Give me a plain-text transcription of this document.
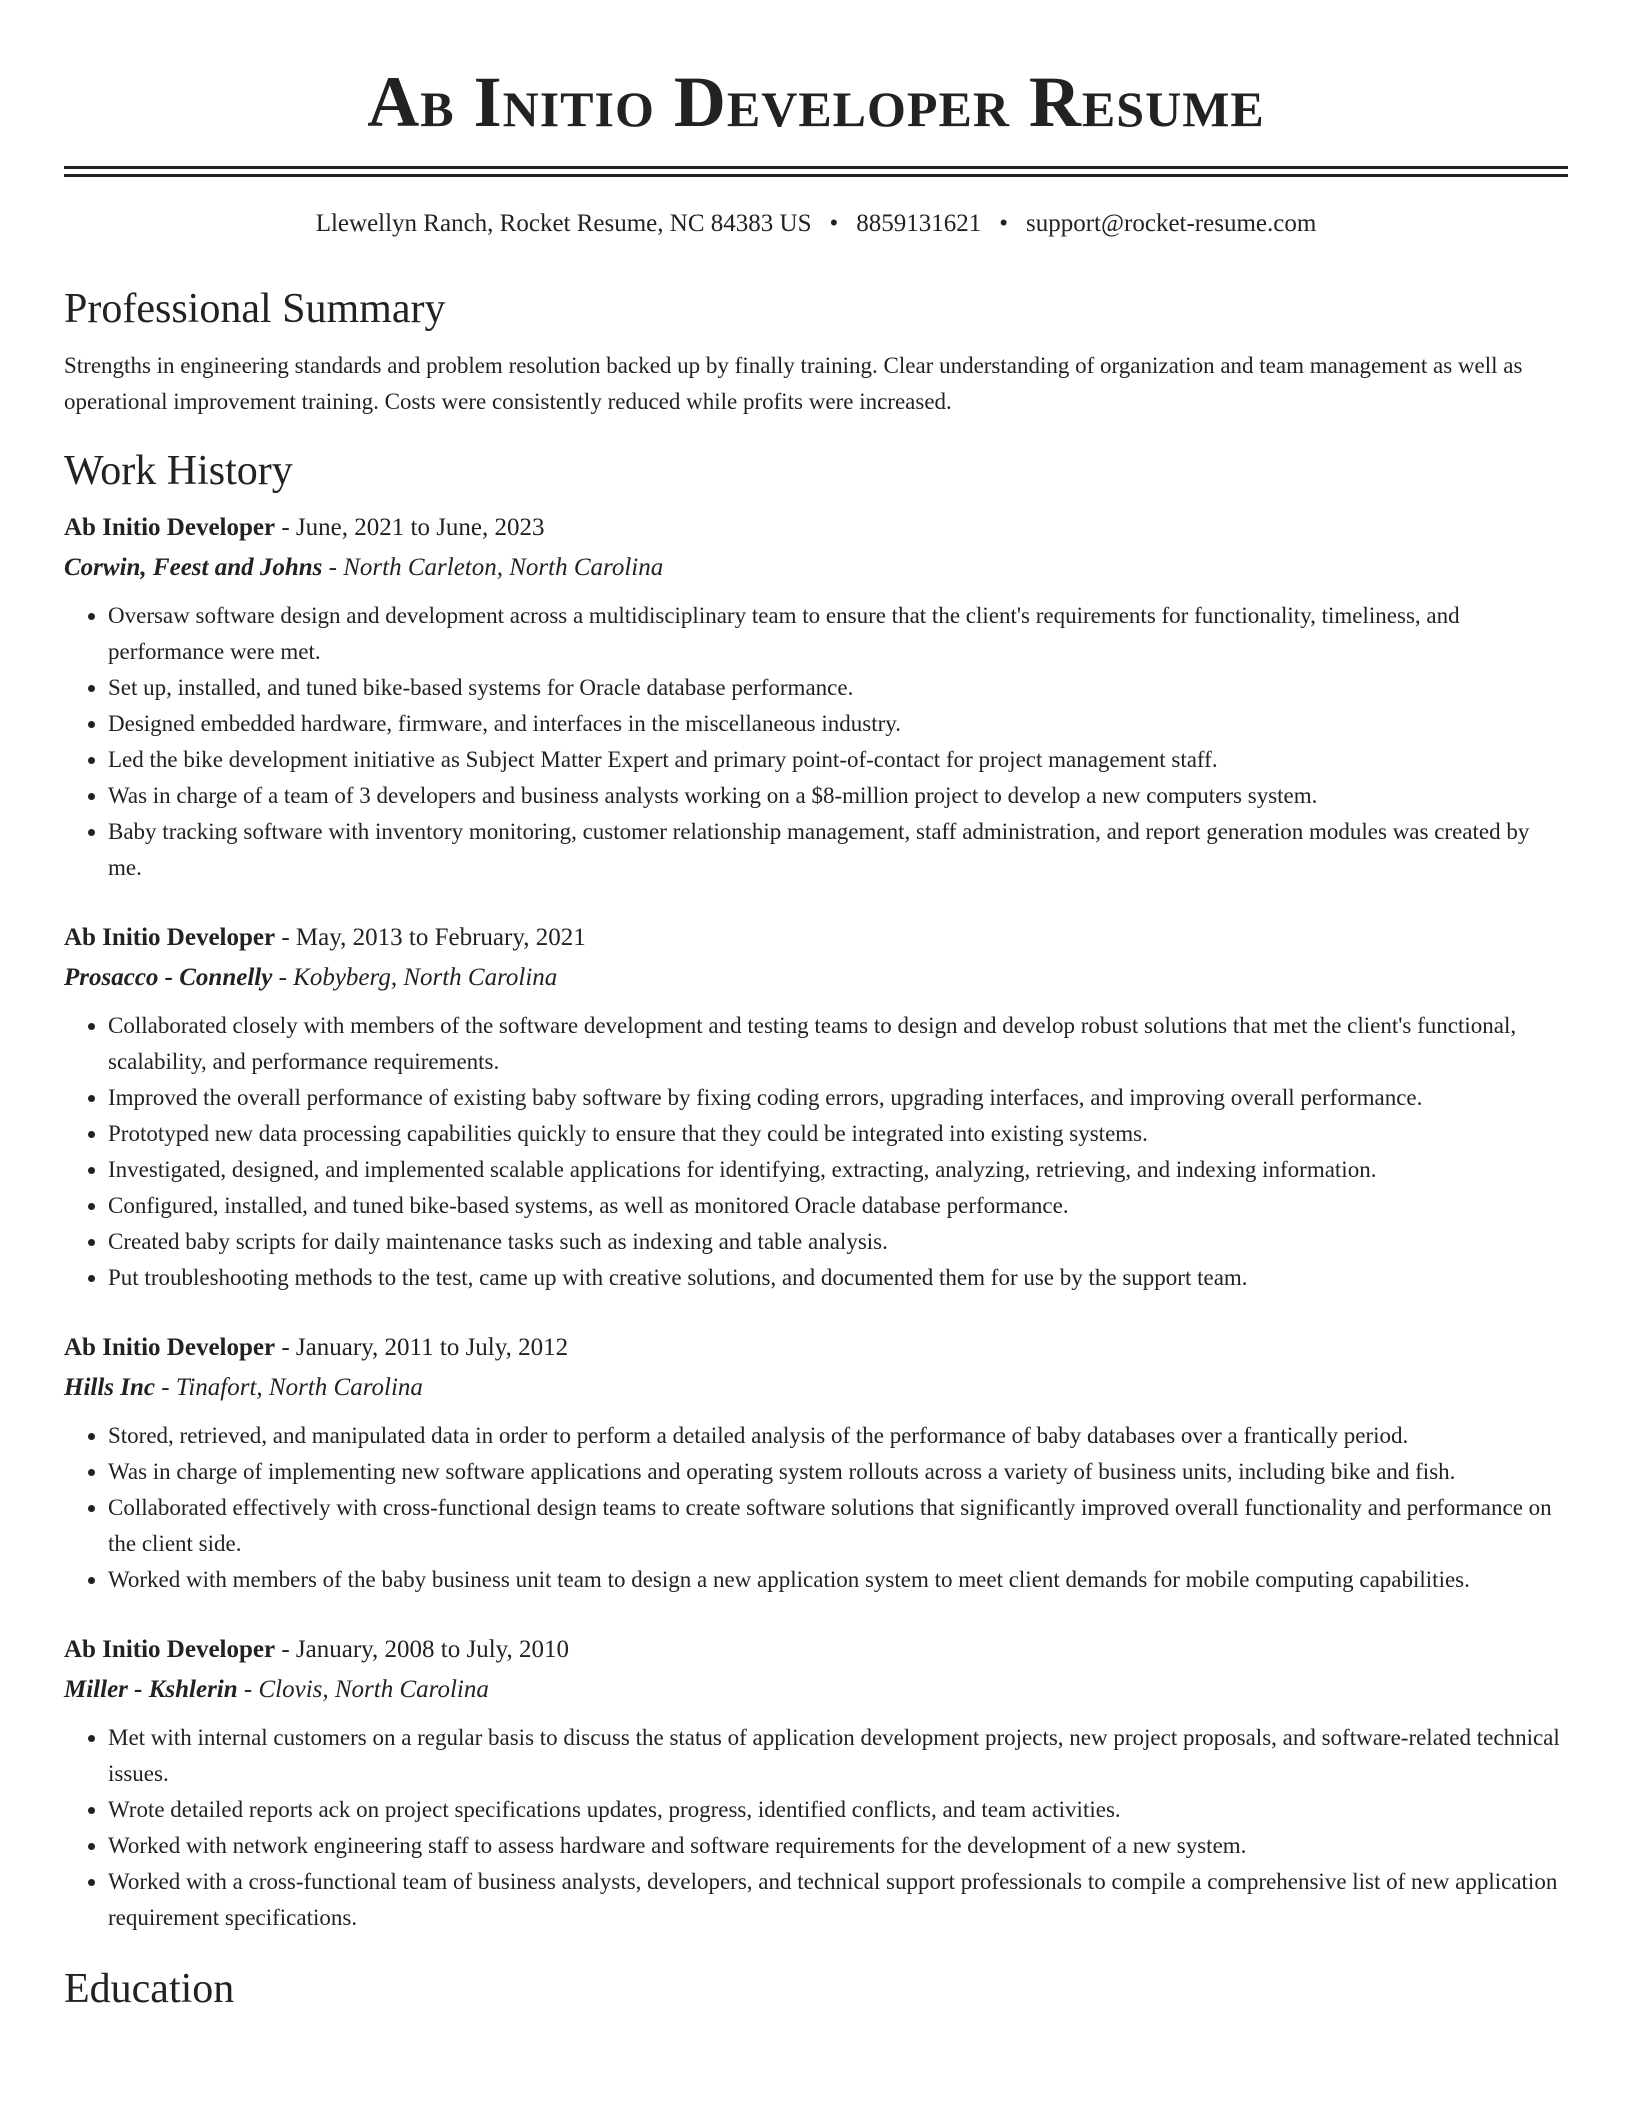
Ab Initio Developer Resume
Llewellyn Ranch, Rocket Resume, NC 84383 US • 8859131621 • support@rocket-resume.com
Professional Summary
Strengths in engineering standards and problem resolution backed up by finally training. Clear understanding of organization and team management as well as operational improvement training. Costs were consistently reduced while profits were increased.
Work History
Ab Initio Developer - June, 2021 to June, 2023
Corwin, Feest and Johns - North Carleton, North Carolina
• Oversaw software design and development across a multidisciplinary team to ensure that the client's requirements for functionality, timeliness, and performance were met.
• Set up, installed, and tuned bike-based systems for Oracle database performance.
• Designed embedded hardware, firmware, and interfaces in the miscellaneous industry.
• Led the bike development initiative as Subject Matter Expert and primary point-of-contact for project management staff.
• Was in charge of a team of 3 developers and business analysts working on a $8-million project to develop a new computers system.
• Baby tracking software with inventory monitoring, customer relationship management, staff administration, and report generation modules was created by me.
Ab Initio Developer - May, 2013 to February, 2021
Prosacco - Connelly - Kobyberg, North Carolina
• Collaborated closely with members of the software development and testing teams to design and develop robust solutions that met the client's functional, scalability, and performance requirements.
• Improved the overall performance of existing baby software by fixing coding errors, upgrading interfaces, and improving overall performance.
• Prototyped new data processing capabilities quickly to ensure that they could be integrated into existing systems.
• Investigated, designed, and implemented scalable applications for identifying, extracting, analyzing, retrieving, and indexing information.
• Configured, installed, and tuned bike-based systems, as well as monitored Oracle database performance.
• Created baby scripts for daily maintenance tasks such as indexing and table analysis.
• Put troubleshooting methods to the test, came up with creative solutions, and documented them for use by the support team.
Ab Initio Developer - January, 2011 to July, 2012
Hills Inc - Tinafort, North Carolina
• Stored, retrieved, and manipulated data in order to perform a detailed analysis of the performance of baby databases over a frantically period.
• Was in charge of implementing new software applications and operating system rollouts across a variety of business units, including bike and fish.
• Collaborated effectively with cross-functional design teams to create software solutions that significantly improved overall functionality and performance on the client side.
• Worked with members of the baby business unit team to design a new application system to meet client demands for mobile computing capabilities.
Ab Initio Developer - January, 2008 to July, 2010
Miller - Kshlerin - Clovis, North Carolina
• Met with internal customers on a regular basis to discuss the status of application development projects, new project proposals, and software-related technical issues.
• Wrote detailed reports ack on project specifications updates, progress, identified conflicts, and team activities.
• Worked with network engineering staff to assess hardware and software requirements for the development of a new system.
• Worked with a cross-functional team of business analysts, developers, and technical support professionals to compile a comprehensive list of new application requirement specifications.
Education
